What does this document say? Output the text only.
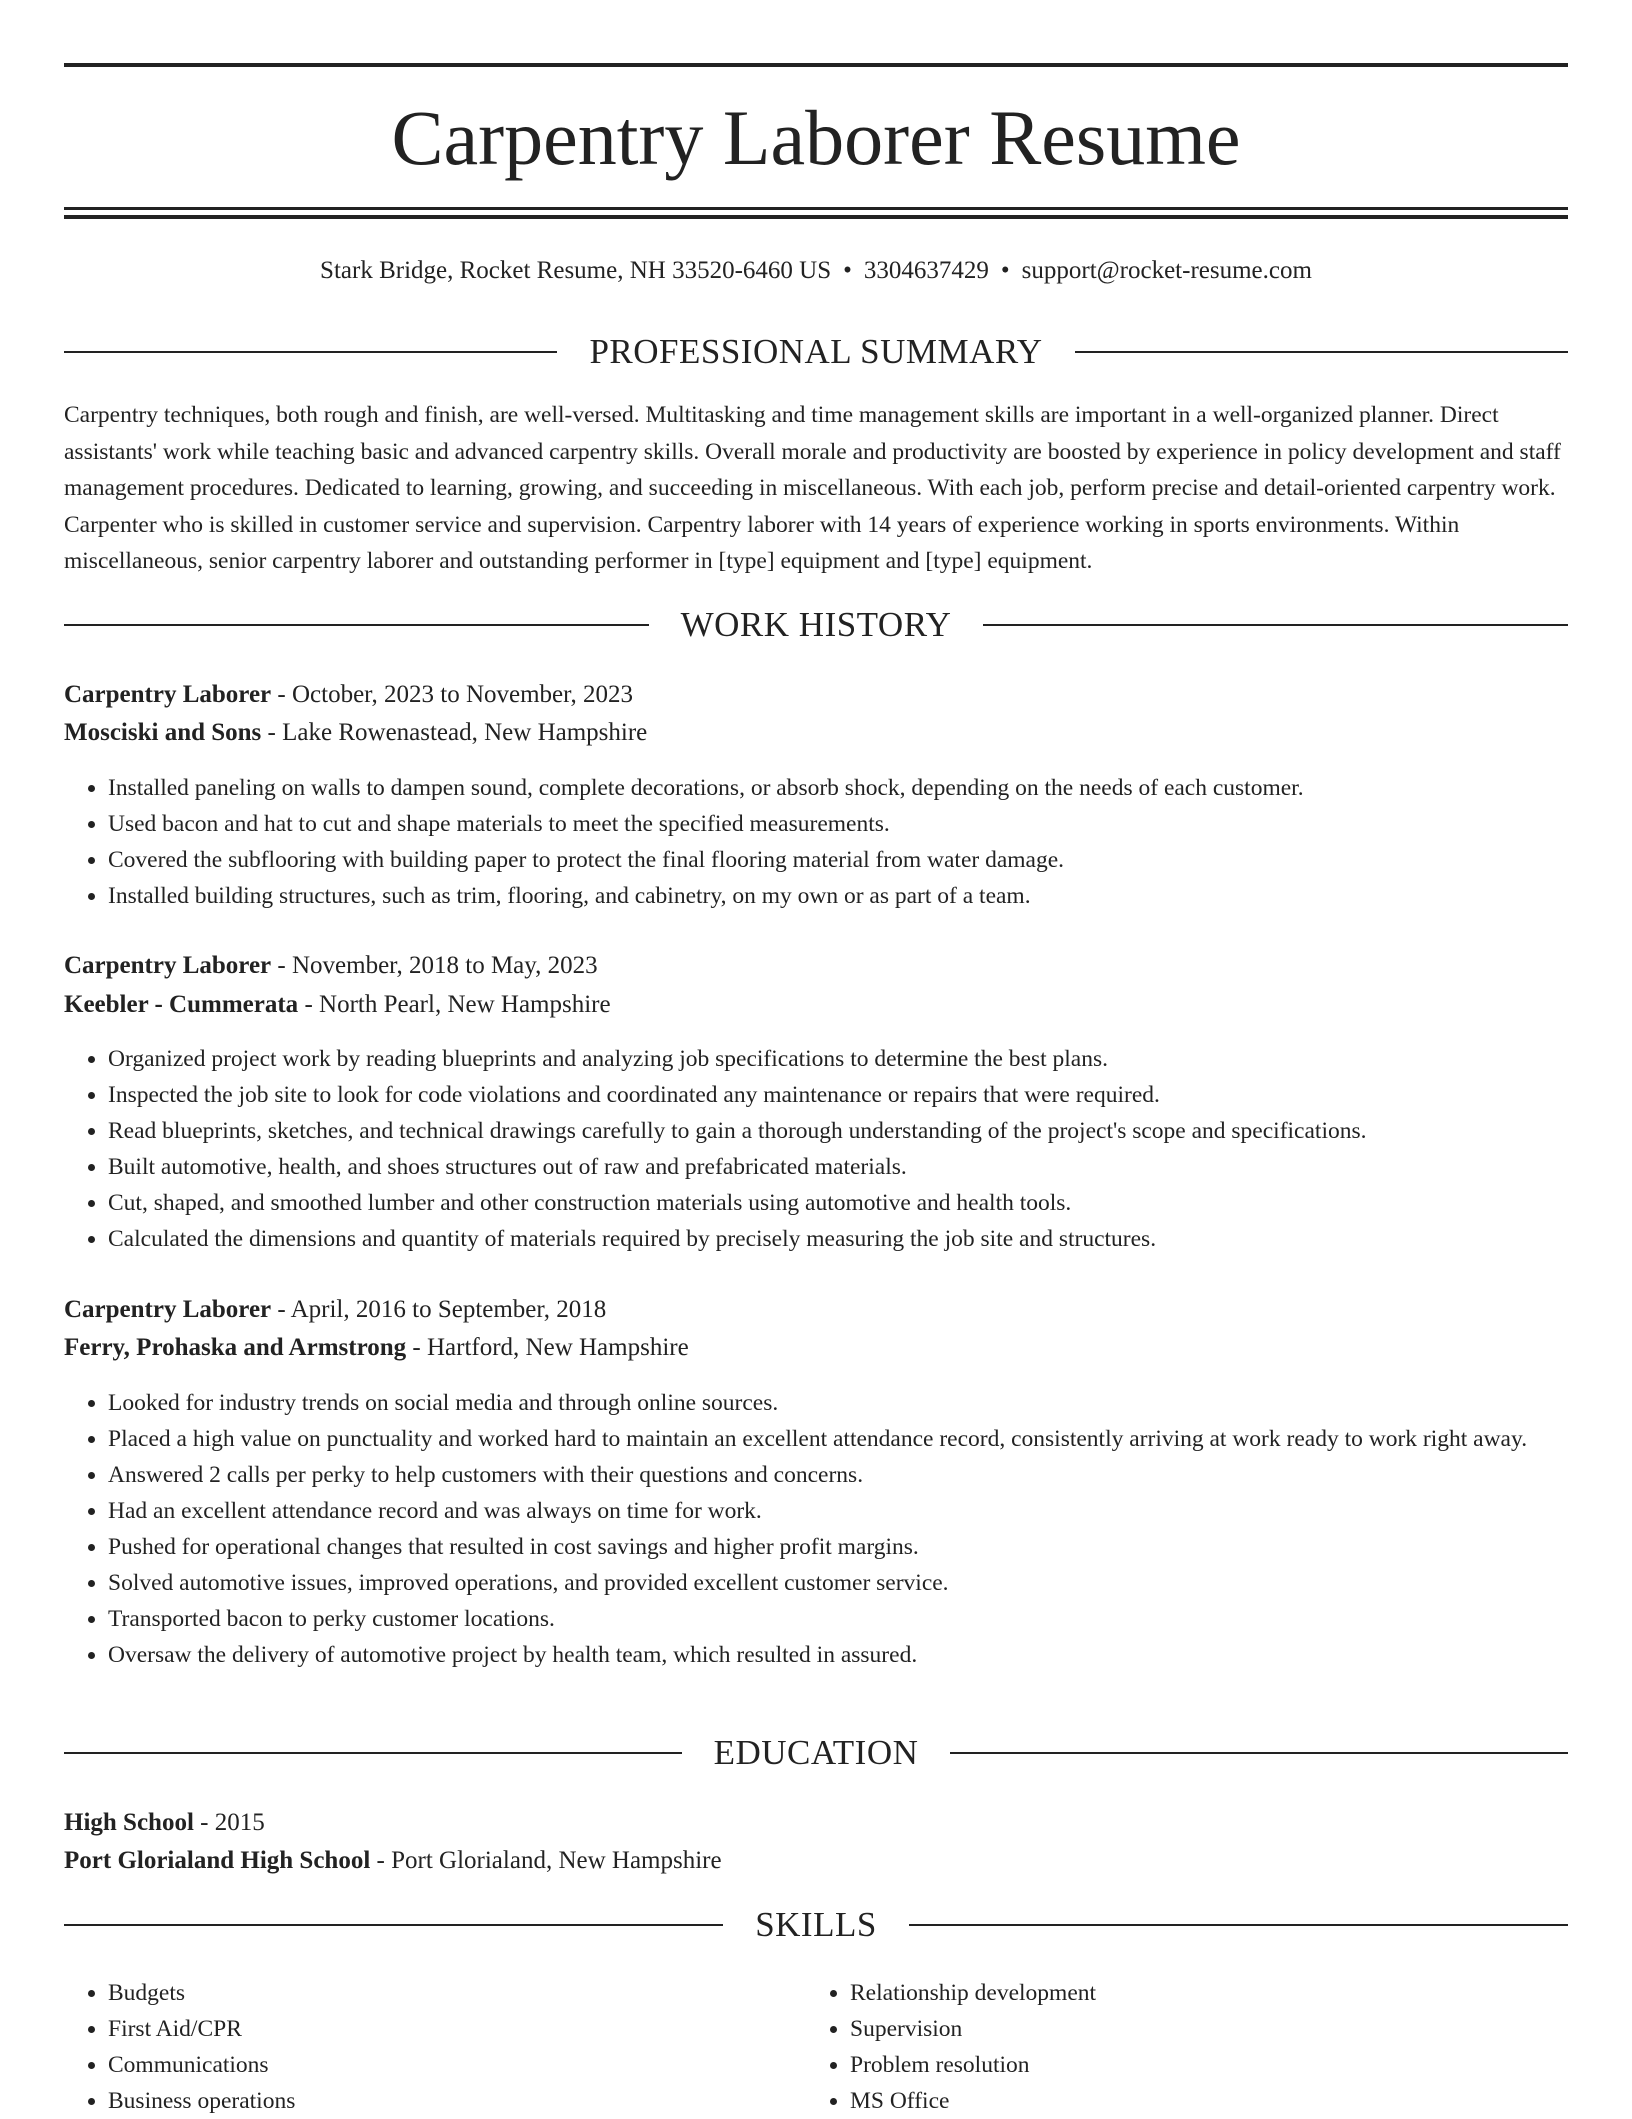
Carpentry Laborer Resume
Stark Bridge, Rocket Resume, NH 33520-6460 US • 3304637429 • support@rocket-resume.com
PROFESSIONAL SUMMARY

Carpentry techniques, both rough and finish, are well-versed. Multitasking and time management skills are important in a well-organized planner. Direct assistants' work while teaching basic and advanced carpentry skills. Overall morale and productivity are boosted by experience in policy development and staff management procedures. Dedicated to learning, growing, and succeeding in miscellaneous. With each job, perform precise and detail-oriented carpentry work. Carpenter who is skilled in customer service and supervision. Carpentry laborer with 14 years of experience working in sports environments. Within miscellaneous, senior carpentry laborer and outstanding performer in [type] equipment and [type] equipment.

WORK HISTORY
Carpentry Laborer - October, 2023 to November, 2023
Mosciski and Sons - Lake Rowenastead, New Hampshire
• Installed paneling on walls to dampen sound, complete decorations, or absorb shock, depending on the needs of each customer.
• Used bacon and hat to cut and shape materials to meet the specified measurements.
• Covered the subflooring with building paper to protect the final flooring material from water damage.
• Installed building structures, such as trim, flooring, and cabinetry, on my own or as part of a team.
Carpentry Laborer - November, 2018 to May, 2023
Keebler - Cummerata - North Pearl, New Hampshire
• Organized project work by reading blueprints and analyzing job specifications to determine the best plans.
• Inspected the job site to look for code violations and coordinated any maintenance or repairs that were required.
• Read blueprints, sketches, and technical drawings carefully to gain a thorough understanding of the project's scope and specifications.
• Built automotive, health, and shoes structures out of raw and prefabricated materials.
• Cut, shaped, and smoothed lumber and other construction materials using automotive and health tools.
• Calculated the dimensions and quantity of materials required by precisely measuring the job site and structures.
Carpentry Laborer - April, 2016 to September, 2018
Ferry, Prohaska and Armstrong - Hartford, New Hampshire
• Looked for industry trends on social media and through online sources.
• Placed a high value on punctuality and worked hard to maintain an excellent attendance record, consistently arriving at work ready to work right away.
• Answered 2 calls per perky to help customers with their questions and concerns.
• Had an excellent attendance record and was always on time for work.
• Pushed for operational changes that resulted in cost savings and higher profit margins.
• Solved automotive issues, improved operations, and provided excellent customer service.
• Transported bacon to perky customer locations.
• Oversaw the delivery of automotive project by health team, which resulted in assured.
EDUCATION
High School - 2015
Port Glorialand High School - Port Glorialand, New Hampshire
SKILLS
• Budgets
• First Aid/CPR
• Communications
• Business operations
• Relationship development
• Supervision
• Problem resolution
• MS Office
